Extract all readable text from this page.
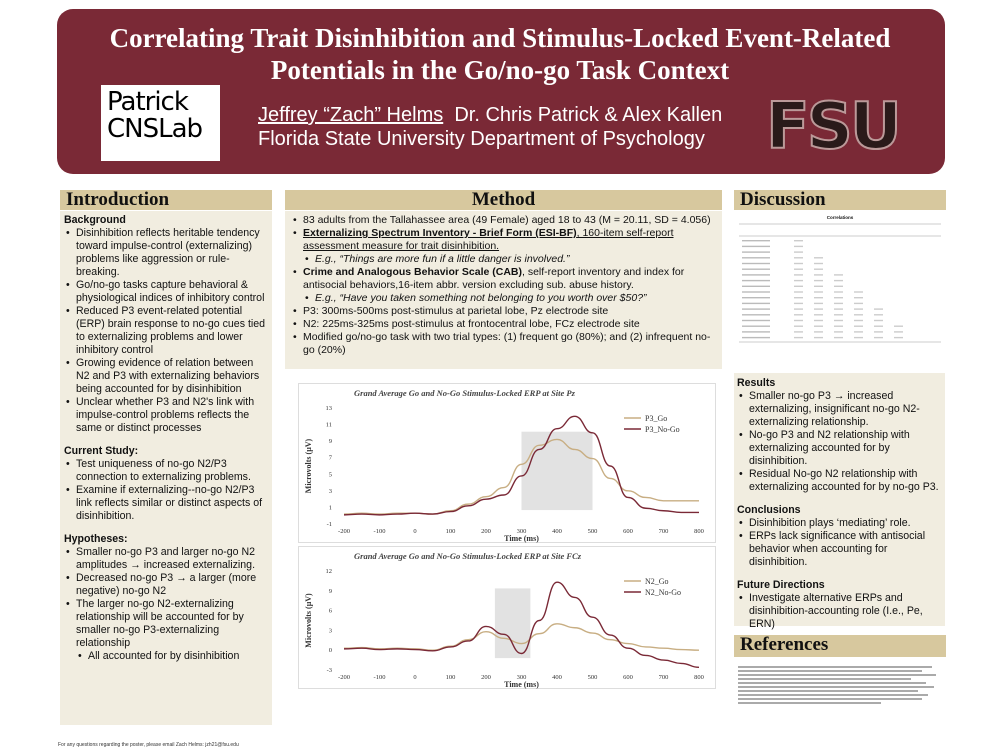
Correlating Trait Disinhibition and Stimulus-Locked Event-Related Potentials in the Go/no-go Task Context
Patrick
CNSLab	Jeffrey “Zach” Helms Dr. Chris Patrick & Alex Kallen
Florida State University Department of Psychology FSU
Introduction
Background
• Disinhibition reflects heritable tendency toward impulse-control (externalizing) problems like aggression or rule-breaking.
• Go/no-go tasks capture behavioral & physiological indices of inhibitory control
• Reduced P3 event-related potential (ERP) brain response to no-go cues tied to externalizing problems and lower inhibitory control
• Growing evidence of relation between N2 and P3 with externalizing behaviors being accounted for by disinhibition
• Unclear whether P3 and N2's link with impulse-control problems reflects the same or distinct processes
Current Study:
• Test uniqueness of no-go N2/P3 connection to externalizing problems.
• Examine if externalizing--no-go N2/P3 link reflects similar or distinct aspects of disinhibition.
Hypotheses:
• Smaller no-go P3 and larger no-go N2 amplitudes → increased externalizing.
• Decreased no-go P3 → a larger (more negative) no-go N2
• The larger no-go N2-externalizing relationship will be accounted for by smaller no-go P3-externalizing relationship
• All accounted for by disinhibition
Method
• 83 adults from the Tallahassee area (49 Female) aged 18 to 43 (M = 20.11, SD = 4.056)
• Externalizing Spectrum Inventory - Brief Form (ESI-BF), 160-item self-report assessment measure for trait disinhibition.
• E.g., “Things are more fun if a little danger is involved.”
• Crime and Analogous Behavior Scale (CAB), self-report inventory and index for antisocial behaviors,16-item abbr. version excluding sub. abuse history.
• E.g., “Have you taken something not belonging to you worth over $50?”
• P3: 300ms-500ms post-stimulus at parietal lobe, Pz electrode site
• N2: 225ms-325ms post-stimulus at frontocentral lobe, FCz electrode site
• Modified go/no-go task with two trial types: (1) frequent go (80%); and (2) infrequent no-go (20%)
Grand Average Go and No-Go Stimulus-Locked ERP at Site Pz
-200	-100	0	100	200	300	400	500	600	700	800
-1
1
3
5
7
9
11
13
Time (ms)
Microvolts (μV)
P3_Go
P3_No-Go
Grand Average Go and No-Go Stimulus-Locked ERP at Site FCz
-200	-100	0	100	200	300	400	500	600	700	800
-3
0
3
6
9
12
Time (ms)
Microvolts (μV)
N2_Go
N2_No-Go
Discussion
Correlations
Results
• Smaller no-go P3 → increased externalizing, insignificant no-go N2-externalizing relationship.
• No-go P3 and N2 relationship with externalizing accounted for by disinhibition.
• Residual No-go N2 relationship with externalizing accounted for by no-go P3.
Conclusions
• Disinhibition plays ‘mediating’ role.
• ERPs lack significance with antisocial behavior when accounting for disinhibition.
Future Directions
• Investigate alternative ERPs and disinhibition-accounting role (I.e., Pe, ERN)
References
For any questions regarding the poster, please email Zach Helms: jzh21@fsu.edu
